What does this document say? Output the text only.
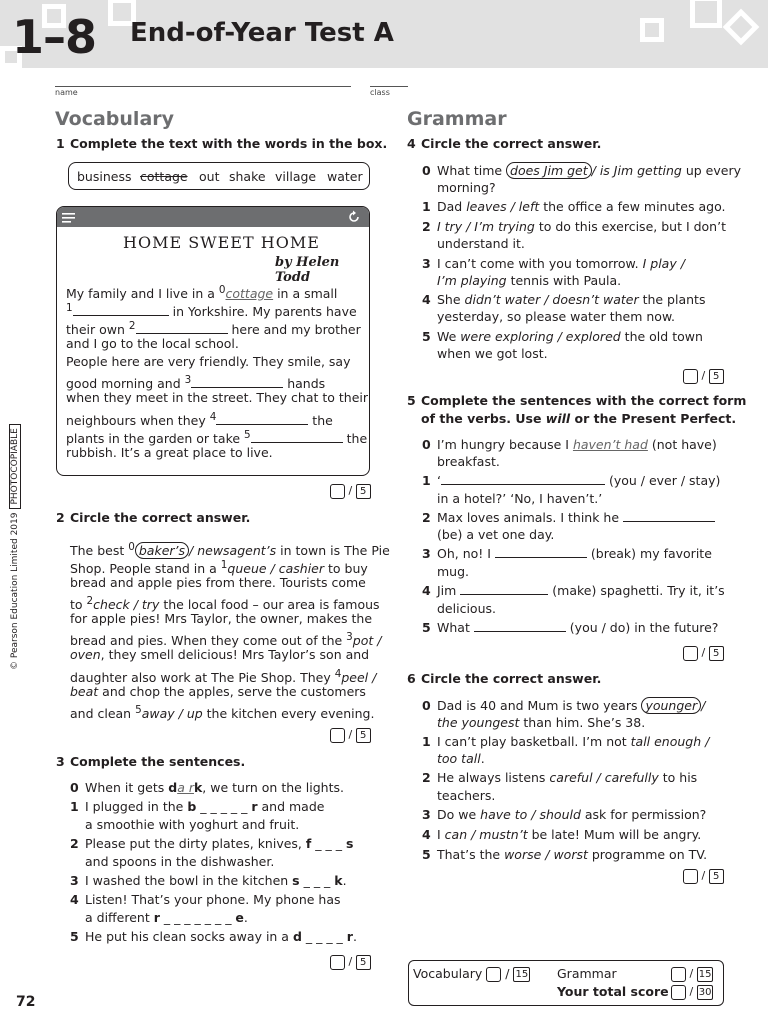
1–8 End-of-Year Test A
name	class
© Pearson Education Limited 2019PHOTOCOPIABLE
Vocabulary
1 Complete the text with the words in the box.
business cottage out shake village water
HOME SWEET HOME
by Helen Todd
My family and I live in a $^0$cottage in a small
$^1$	in Yorkshire. My parents have
their own $^2$	here and my brother
and I go to the local school.
People here are very friendly. They smile, say
good morning and $^3$	hands
when they meet in the street. They chat to their
neighbours when they $^4$	the
plants in the garden or take $^5$	the
rubbish. It’s a great place to live.
/ 5
2 Circle the correct answer.
The best $^0$ baker’s / newsagent’s in town is The Pie
Shop. People stand in a $^1$queue / cashier to buy
bread and apple pies from there. Tourists come
to $^2$check / try the local food – our area is famous
for apple pies! Mrs Taylor, the owner, makes the
bread and pies. When they come out of the $^3$pot /
oven, they smell delicious! Mrs Taylor’s son and
daughter also work at The Pie Shop. They $^4$peel /
beat and chop the apples, serve the customers
and clean $^5$away / up the kitchen every evening.
/ 5
3 Complete the sentences.
0 When it gets da rk, we turn on the lights.
1 I plugged in the b _ _ _ _ _ r and made
a smoothie with yoghurt and fruit.
2 Please put the dirty plates, knives, f _ _ _ s
and spoons in the dishwasher.
3 I washed the bowl in the kitchen s _ _ _ k.
4 Listen! That’s your phone. My phone has
a different r _ _ _ _ _ _ _ e.
5 He put his clean socks away in a d _ _ _ _ r.
/ 5
Grammar
4 Circle the correct answer.
0 What time does Jim get / is Jim getting up every
morning?
1 Dad leaves / left the office a few minutes ago.
2 I try / I’m trying to do this exercise, but I don’t
understand it.
3 I can’t come with you tomorrow. I play /
I’m playing tennis with Paula.
4 She didn’t water / doesn’t water the plants
yesterday, so please water them now.
5 We were exploring / explored the old town
when we got lost.
/ 5
5 Complete the sentences with the correct form
of the verbs. Use will or the Present Perfect.
0 I’m hungry because I haven’t had (not have)
breakfast.
1 ‘	(you / ever / stay)
in a hotel?’ ‘No, I haven’t.’
2 Max loves animals. I think he
(be) a vet one day.
3 Oh, no! I	(break) my favorite
mug.
4 Jim	(make) spaghetti. Try it, it’s
delicious.
5 What	(you / do) in the future?
/ 5
6 Circle the correct answer.
0 Dad is 40 and Mum is two years younger /
the youngest than him. She’s 38.
1 I can’t play basketball. I’m not tall enough /
too tall.
2 He always listens careful / carefully to his
teachers.
3 Do we have to / should ask for permission?
4 I can / mustn’t be late! Mum will be angry.
5 That’s the worse / worst programme on TV.
/ 5
Vocabulary  / 15 Grammar	/ 15
Your total score	/ 30
72
